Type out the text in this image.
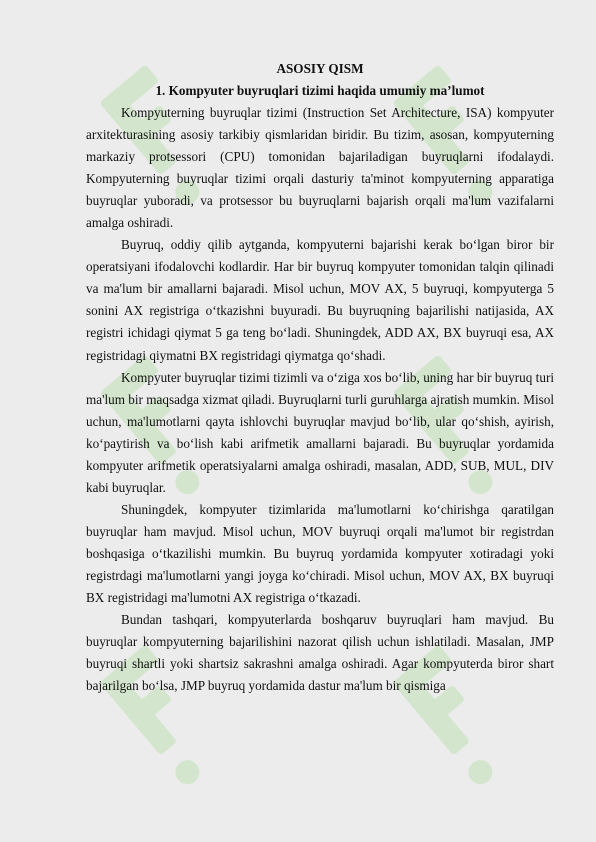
ASOSIY QISM

1. Kompyuter buyruqlari tizimi haqida umumiy ma’lumot

Kompyuterning buyruqlar tizimi (Instruction Set Architecture, ISA) kompyuter arxitekturasining asosiy tarkibiy qismlaridan biridir. Bu tizim, asosan, kompyuterning markaziy protsessori (CPU) tomonidan bajariladigan buyruqlarni ifodalaydi. Kompyuterning buyruqlar tizimi orqali dasturiy ta'minot kompyuterning apparatiga buyruqlar yuboradi, va protsessor bu buyruqlarni bajarish orqali ma'lum vazifalarni amalga oshiradi.

Buyruq, oddiy qilib aytganda, kompyuterni bajarishi kerak bo‘lgan biror bir operatsiyani ifodalovchi kodlardir. Har bir buyruq kompyuter tomonidan talqin qilinadi va ma'lum bir amallarni bajaradi. Misol uchun, MOV AX, 5 buyruqi, kompyuterga 5 sonini AX registriga o‘tkazishni buyuradi. Bu buyruqning bajarilishi natijasida, AX registri ichidagi qiymat 5 ga teng bo‘ladi. Shuningdek, ADD AX, BX buyruqi esa, AX registridagi qiymatni BX registridagi qiymatga qo‘shadi.

Kompyuter buyruqlar tizimi tizimli va o‘ziga xos bo‘lib, uning har bir buyruq turi ma'lum bir maqsadga xizmat qiladi. Buyruqlarni turli guruhlarga ajratish mumkin. Misol uchun, ma'lumotlarni qayta ishlovchi buyruqlar mavjud bo‘lib, ular qo‘shish, ayirish, ko‘paytirish va bo‘lish kabi arifmetik amallarni bajaradi. Bu buyruqlar yordamida kompyuter arifmetik operatsiyalarni amalga oshiradi, masalan, ADD, SUB, MUL, DIV kabi buyruqlar.

Shuningdek, kompyuter tizimlarida ma'lumotlarni ko‘chirishga qaratilgan buyruqlar ham mavjud. Misol uchun, MOV buyruqi orqali ma'lumot bir registrdan boshqasiga o‘tkazilishi mumkin. Bu buyruq yordamida kompyuter xotiradagi yoki registrdagi ma'lumotlarni yangi joyga ko‘chiradi. Misol uchun, MOV AX, BX buyruqi BX registridagi ma'lumotni AX registriga o‘tkazadi.

Bundan tashqari, kompyuterlarda boshqaruv buyruqlari ham mavjud. Bu buyruqlar kompyuterning bajarilishini nazorat qilish uchun ishlatiladi. Masalan, JMP buyruqi shartli yoki shartsiz sakrashni amalga oshiradi. Agar kompyuterda biror shart bajarilgan bo‘lsa, JMP buyruq yordamida dastur ma'lum bir qismiga
